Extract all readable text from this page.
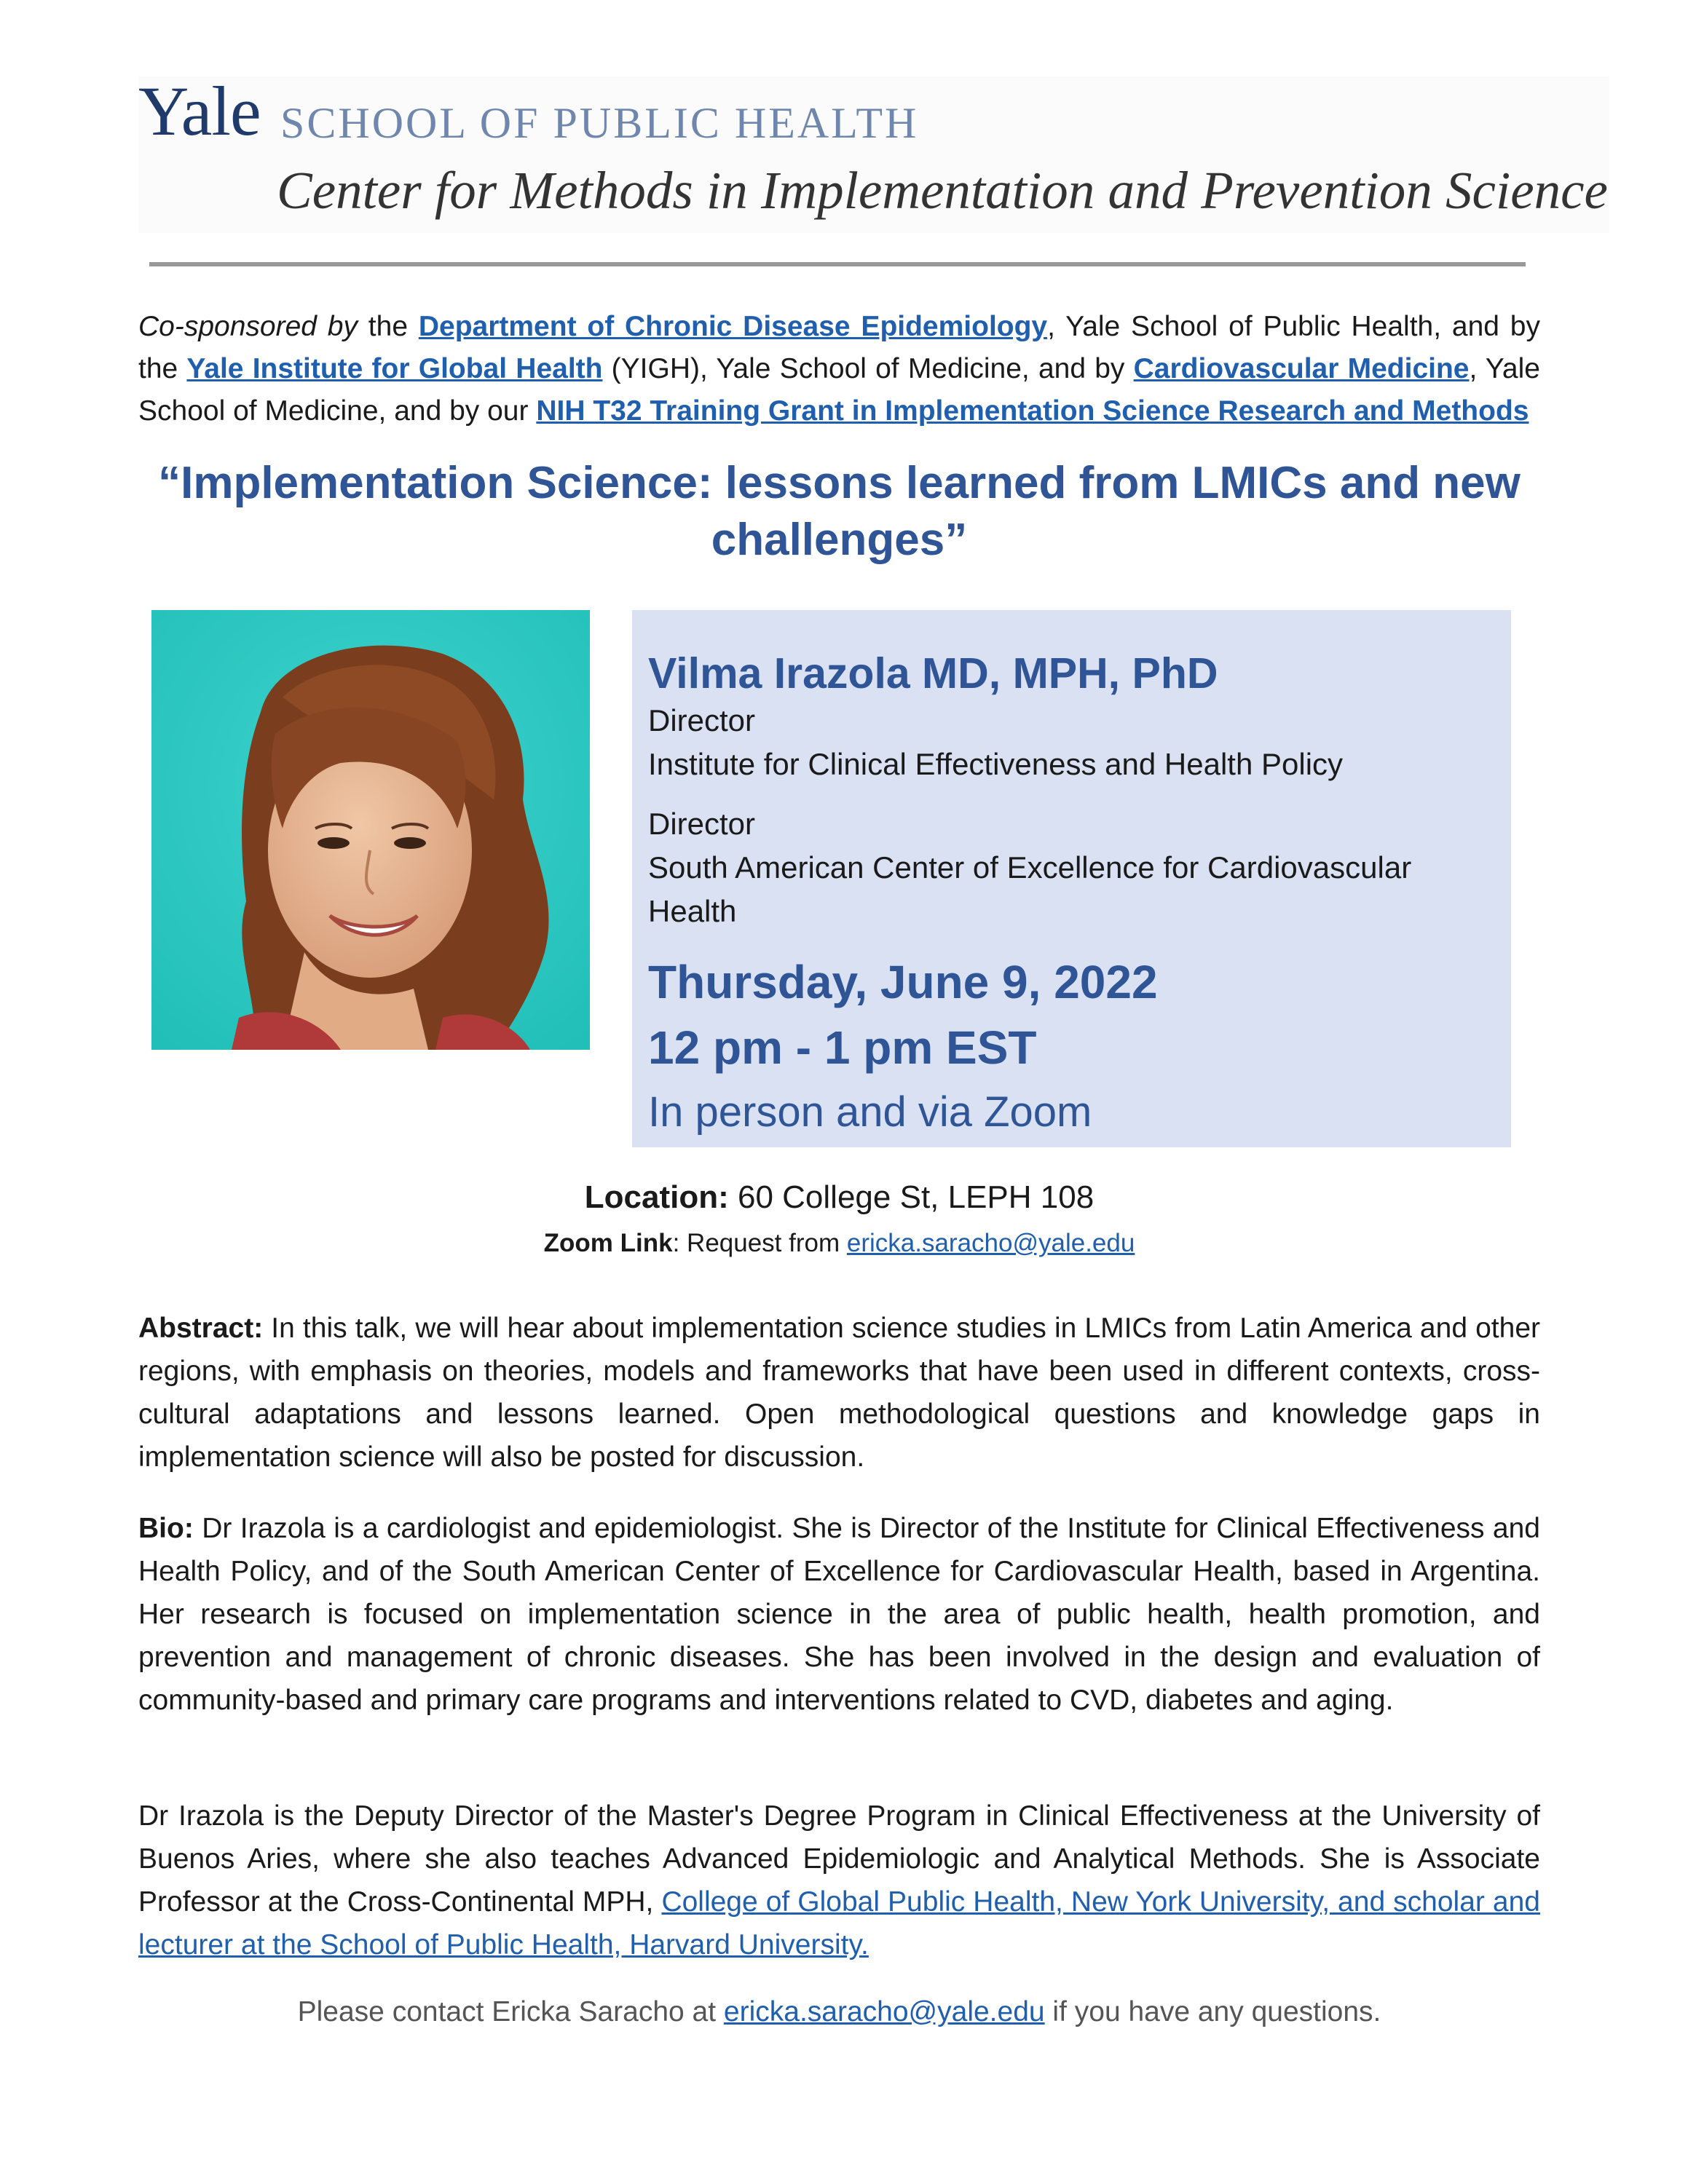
Yale SCHOOL OF PUBLIC HEALTH
Center for Methods in Implementation and Prevention Science
Co-sponsored by the Department of Chronic Disease Epidemiology, Yale School of Public Health, and by the Yale Institute for Global Health (YIGH), Yale School of Medicine, and by Cardiovascular Medicine, Yale School of Medicine, and by our NIH T32 Training Grant in Implementation Science Research and Methods
“Implementation Science: lessons learned from LMICs and new challenges”
Vilma Irazola MD, MPH, PhD
Director
Institute for Clinical Effectiveness and Health Policy
Director
South American Center of Excellence for Cardiovascular Health
Thursday, June 9, 2022
12 pm - 1 pm EST
In person and via Zoom
Location: 60 College St, LEPH 108
Zoom Link: Request from ericka.saracho@yale.edu
Abstract: In this talk, we will hear about implementation science studies in LMICs from Latin America and other regions, with emphasis on theories, models and frameworks that have been used in different contexts, cross-cultural adaptations and lessons learned. Open methodological questions and knowledge gaps in implementation science will also be posted for discussion.
Bio: Dr Irazola is a cardiologist and epidemiologist. She is Director of the Institute for Clinical Effectiveness and Health Policy, and of the South American Center of Excellence for Cardiovascular Health, based in Argentina. Her research is focused on implementation science in the area of public health, health promotion, and prevention and management of chronic diseases. She has been involved in the design and evaluation of community-based and primary care programs and interventions related to CVD, diabetes and aging.
Dr Irazola is the Deputy Director of the Master's Degree Program in Clinical Effectiveness at the University of Buenos Aries, where she also teaches Advanced Epidemiologic and Analytical Methods. She is Associate Professor at the Cross-Continental MPH, College of Global Public Health, New York University, and scholar and lecturer at the School of Public Health, Harvard University.
Please contact Ericka Saracho at ericka.saracho@yale.edu if you have any questions.
